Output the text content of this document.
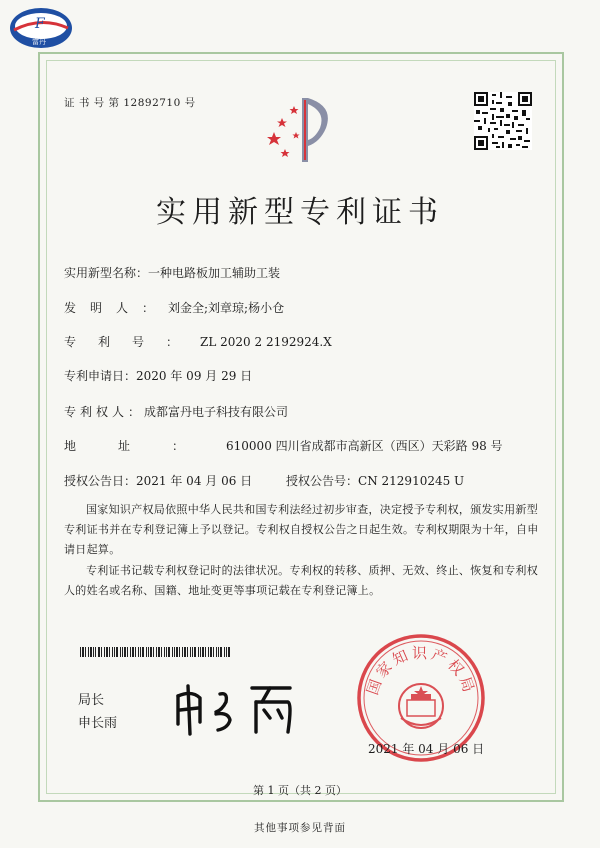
F
富丹
证 书 号 第 12892710 号
实用新型专利证书
实用新型名称：一种电路板加工辅助工装
发明人：刘金全;刘章琼;杨小仓
专利号：ZL 2020 2 2192924.X
专利申请日：2020 年 09 月 29 日
专利权人：成都富丹电子科技有限公司
地址：610000 四川省成都市高新区（西区）天彩路 98 号
授权公告日：2021 年 04 月 06 日	授权公告号：CN 212910245 U
国家知识产权局依照中华人民共和国专利法经过初步审查，决定授予专利权，颁发实用新型专利证书并在专利登记簿上予以登记。专利权自授权公告之日起生效。专利权期限为十年，自申请日起算。
专利证书记载专利权登记时的法律状况。专利权的转移、质押、无效、终止、恢复和专利权人的姓名或名称、国籍、地址变更等事项记载在专利登记簿上。
局长
申长雨
国家知识产权局
2021 年 04 月 06 日
第 1 页（共 2 页）
其他事项参见背面
